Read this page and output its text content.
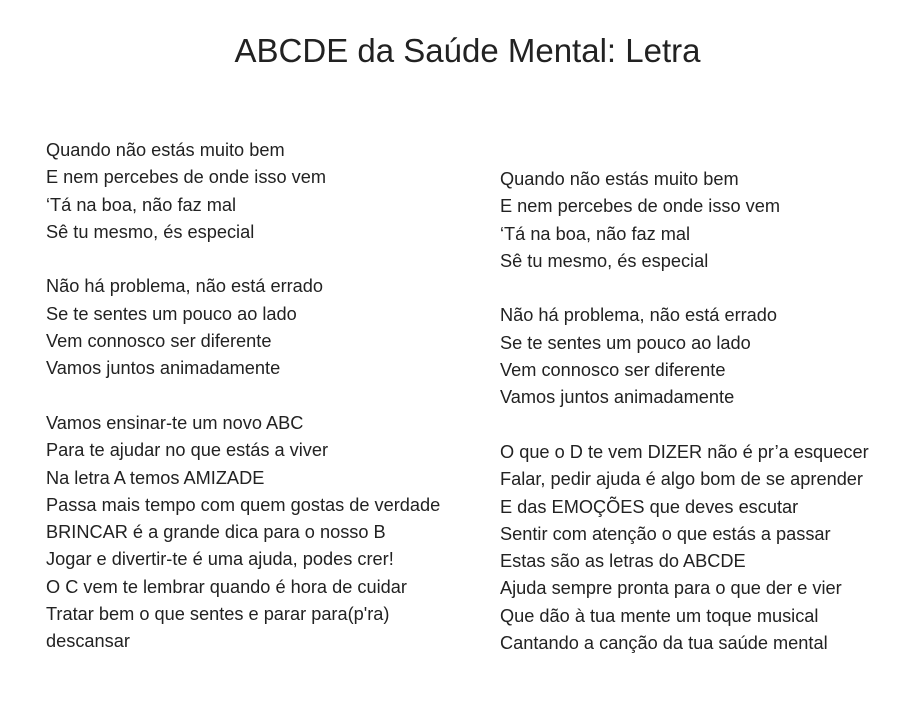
ABCDE da Saúde Mental: Letra
Quando não estás muito bem
E nem percebes de onde isso vem
‘Tá na boa, não faz mal
Sê tu mesmo, és especial
Não há problema, não está errado
Se te sentes um pouco ao lado
Vem connosco ser diferente
Vamos juntos animadamente
Vamos ensinar-te um novo ABC
Para te ajudar no que estás a viver
Na letra A temos AMIZADE
Passa mais tempo com quem gostas de verdade
BRINCAR é a grande dica para o nosso B
Jogar e divertir-te é uma ajuda, podes crer!
O C vem te lembrar quando é hora de cuidar
Tratar bem o que sentes e parar para(p'ra) descansar
Quando não estás muito bem
E nem percebes de onde isso vem
‘Tá na boa, não faz mal
Sê tu mesmo, és especial
Não há problema, não está errado
Se te sentes um pouco ao lado
Vem connosco ser diferente
Vamos juntos animadamente
O que o D te vem DIZER não é pr’a esquecer
Falar, pedir ajuda é algo bom de se aprender
E das EMOÇÕES que deves escutar
Sentir com atenção o que estás a passar
Estas são as letras do ABCDE
Ajuda sempre pronta para o que der e vier
Que dão à tua mente um toque musical
Cantando a canção da tua saúde mental
